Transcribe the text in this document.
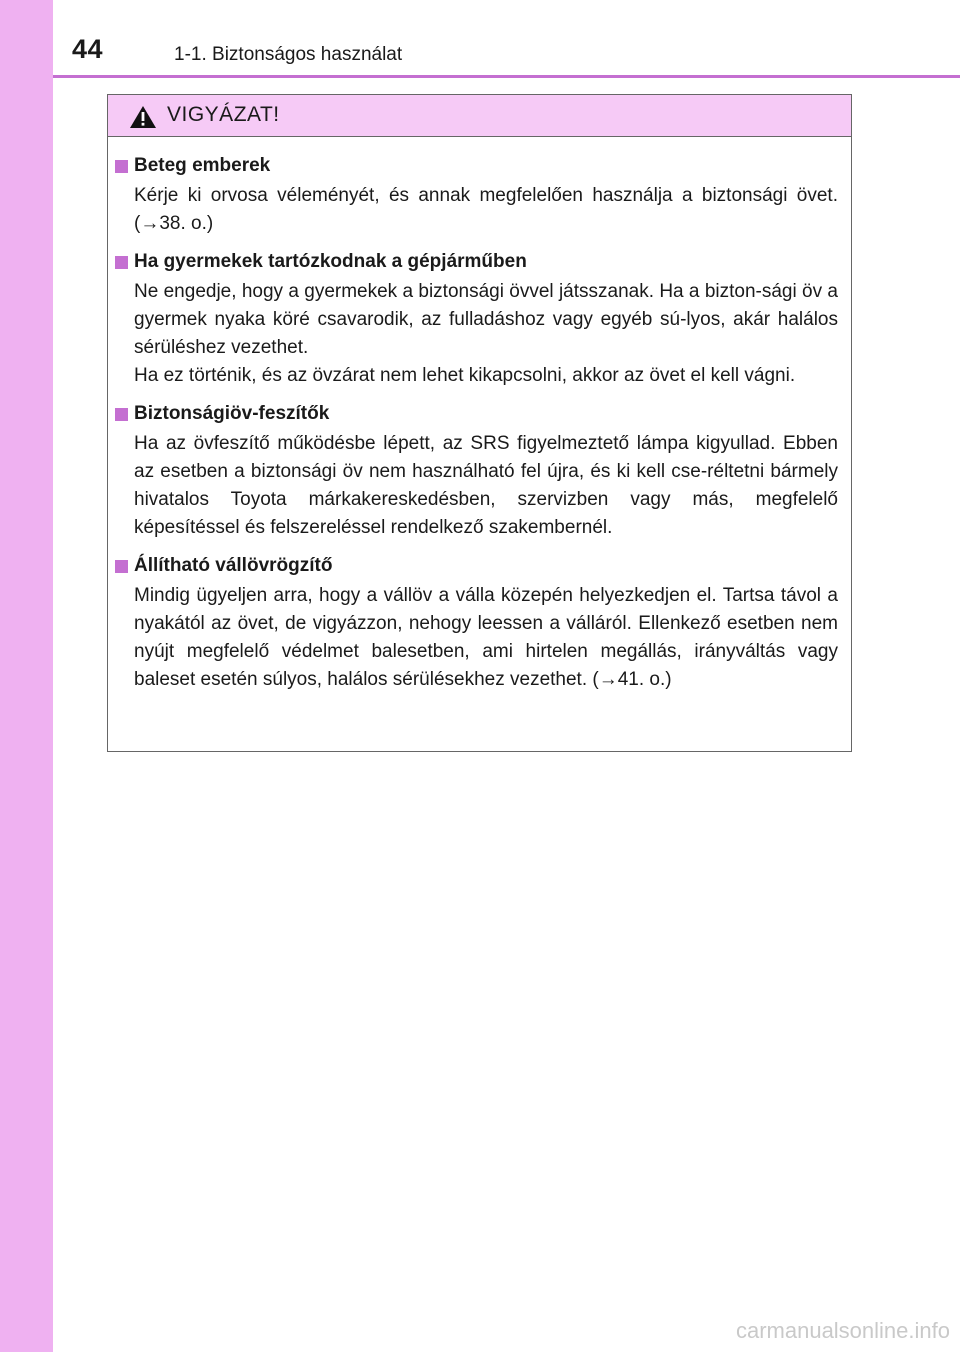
44	1-1. Biztonságos használat
VIGYÁZAT!
Beteg emberek

Kérje ki orvosa véleményét, és annak megfelelően használja a biztonsági övet. (→38. o.)

Ha gyermekek tartózkodnak a gépjárműben

Ne engedje, hogy a gyermekek a biztonsági övvel játsszanak. Ha a bizton-sági öv a gyermek nyaka köré csavarodik, az fulladáshoz vagy egyéb sú-lyos, akár halálos sérüléshez vezethet.

Ha ez történik, és az övzárat nem lehet kikapcsolni, akkor az övet el kell vágni.

Biztonságiöv-feszítők

Ha az övfeszítő működésbe lépett, az SRS figyelmeztető lámpa kigyullad. Ebben az esetben a biztonsági öv nem használható fel újra, és ki kell cse-réltetni bármely hivatalos Toyota márkakereskedésben, szervizben vagy más, megfelelő képesítéssel és felszereléssel rendelkező szakembernél.

Állítható vállövrögzítő

Mindig ügyeljen arra, hogy a vállöv a válla közepén helyezkedjen el. Tartsa távol a nyakától az övet, de vigyázzon, nehogy leessen a válláról. Ellenkező esetben nem nyújt megfelelő védelmet balesetben, ami hirtelen megállás, irányváltás vagy baleset esetén súlyos, halálos sérülésekhez vezethet. (→41. o.)

carmanualsonline.info
